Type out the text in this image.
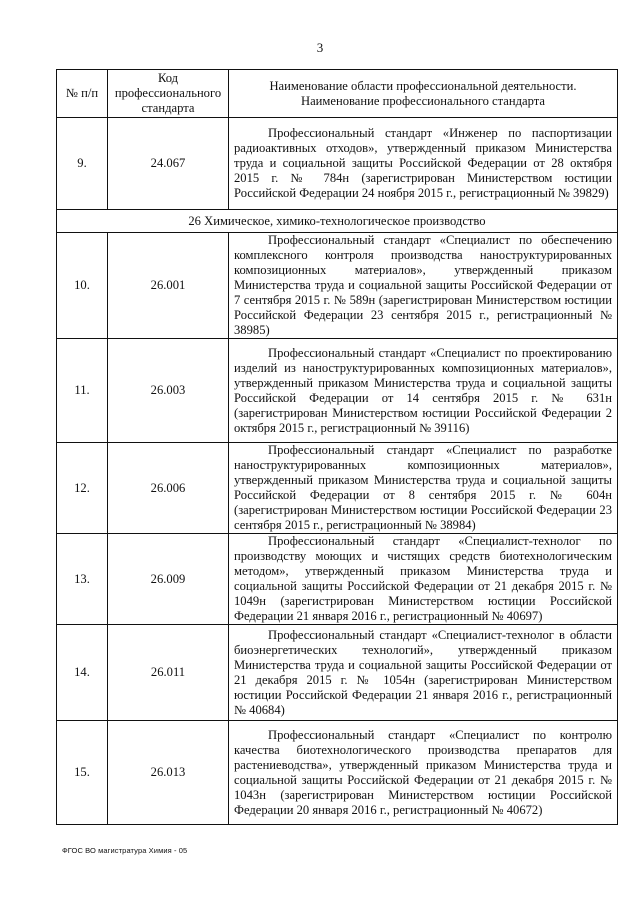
3
№ п/п	Код профессионального стандарта	Наименование области профессиональной деятельности.
Наименование профессионального стандарта

9.	24.067	Профессиональный стандарт «Инженер по паспортизации радиоактивных отходов», утвержденный приказом Министерства труда и социальной защиты Российской Федерации от 28 октября 2015 г. № 784н (зарегистрирован Министерством юстиции Российской Федерации 24 ноября 2015 г., регистрационный № 39829)
26 Химическое, химико-технологическое производство		
10.	26.001	Профессиональный стандарт «Специалист по обеспечению комплексного контроля производства наноструктурированных композиционных материалов», утвержденный приказом Министерства труда и социальной защиты Российской Федерации от 7 сентября 2015 г. № 589н (зарегистрирован Министерством юстиции Российской Федерации 23 сентября 2015 г., регистрационный № 38985)
11.	26.003	Профессиональный стандарт «Специалист по проектированию изделий из наноструктурированных композиционных материалов», утвержденный приказом Министерства труда и социальной защиты Российской Федерации от 14 сентября 2015 г. № 631н (зарегистрирован Министерством юстиции Российской Федерации 2 октября 2015 г., регистрационный № 39116)
12.	26.006	Профессиональный стандарт «Специалист по разработке наноструктурированных композиционных материалов», утвержденный приказом Министерства труда и социальной защиты Российской Федерации от 8 сентября 2015 г. № 604н (зарегистрирован Министерством юстиции Российской Федерации 23 сентября 2015 г., регистрационный № 38984)
13.	26.009	Профессиональный стандарт «Специалист-технолог по производству моющих и чистящих средств биотехнологическим методом», утвержденный приказом Министерства труда и социальной защиты Российской Федерации от 21 декабря 2015 г. № 1049н (зарегистрирован Министерством юстиции Российской Федерации 21 января 2016 г., регистрационный № 40697)
14.	26.011	Профессиональный стандарт «Специалист-технолог в области биоэнергетических технологий», утвержденный приказом Министерства труда и социальной защиты Российской Федерации от 21 декабря 2015 г. № 1054н (зарегистрирован Министерством юстиции Российской Федерации 21 января 2016 г., регистрационный № 40684)
15.	26.013	Профессиональный стандарт «Специалист по контролю качества биотехнологического производства препаратов для растениеводства», утвержденный приказом Министерства труда и социальной защиты Российской Федерации от 21 декабря 2015 г. № 1043н (зарегистрирован Министерством юстиции Российской Федерации 20 января 2016 г., регистрационный № 40672)
ФГОС ВО магистратура Химия - 05
